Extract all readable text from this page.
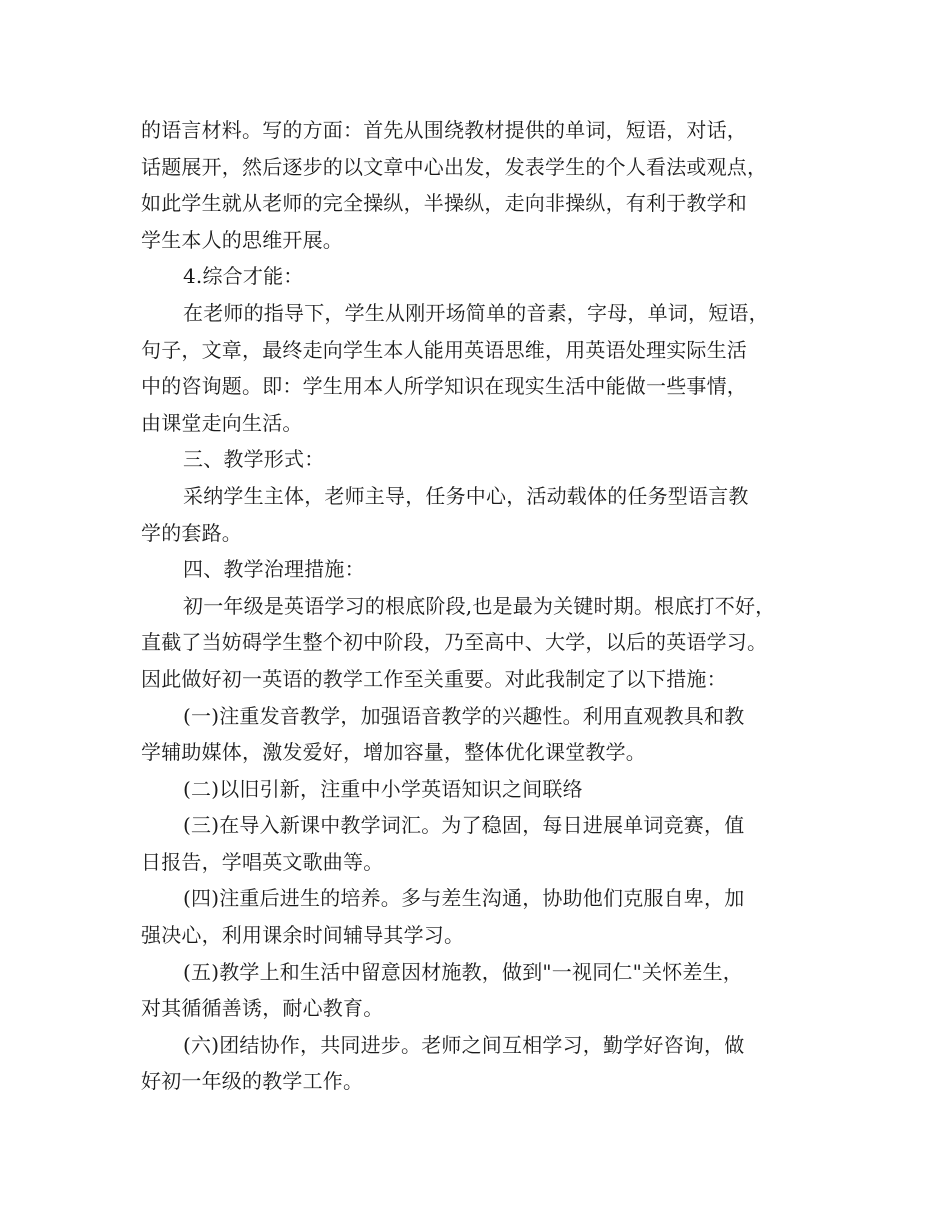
的语言材料。写的方面：首先从围绕教材提供的单词，短语，对话，
话题展开，然后逐步的以文章中心出发，发表学生的个人看法或观点，
如此学生就从老师的完全操纵，半操纵，走向非操纵，有利于教学和
学生本人的思维开展。
4.综合才能：
在老师的指导下，学生从刚开场简单的音素，字母，单词，短语，
句子，文章，最终走向学生本人能用英语思维，用英语处理实际生活
中的咨询题。即：学生用本人所学知识在现实生活中能做一些事情，
由课堂走向生活。
三、教学形式：
采纳学生主体，老师主导，任务中心，活动载体的任务型语言教
学的套路。
四、教学治理措施：
初一年级是英语学习的根底阶段,也是最为关键时期。根底打不好，
直截了当妨碍学生整个初中阶段，乃至高中、大学，以后的英语学习。
因此做好初一英语的教学工作至关重要。对此我制定了以下措施：
(一)注重发音教学，加强语音教学的兴趣性。利用直观教具和教
学辅助媒体，激发爱好，增加容量，整体优化课堂教学。
(二)以旧引新，注重中小学英语知识之间联络
(三)在导入新课中教学词汇。为了稳固，每日进展单词竞赛，值
日报告，学唱英文歌曲等。
(四)注重后进生的培养。多与差生沟通，协助他们克服自卑，加
强决心，利用课余时间辅导其学习。
(五)教学上和生活中留意因材施教，做到"一视同仁"关怀差生，
对其循循善诱，耐心教育。
(六)团结协作，共同进步。老师之间互相学习，勤学好咨询，做
好初一年级的教学工作。
